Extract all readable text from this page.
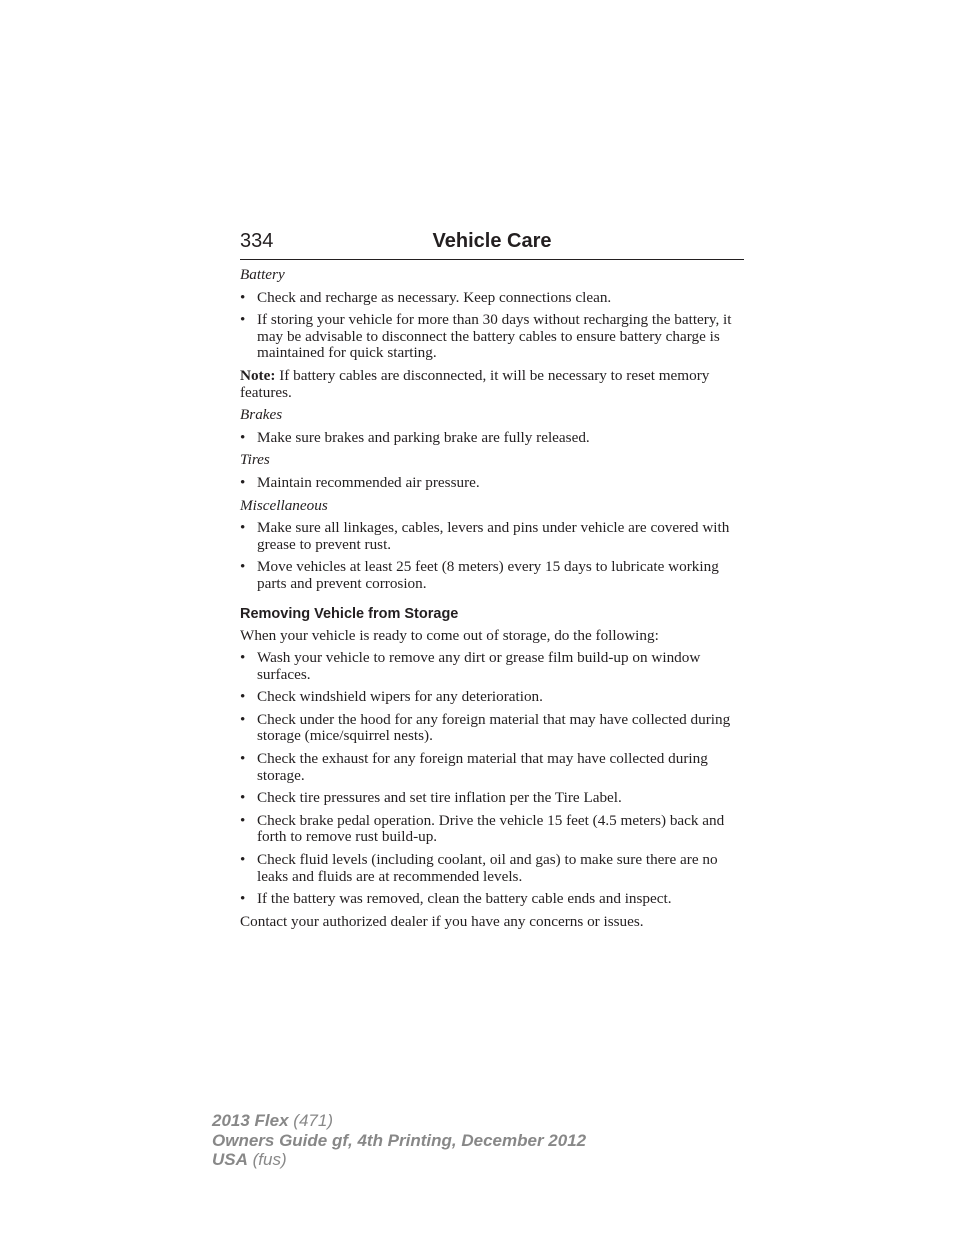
334	Vehicle Care
Battery
• Check and recharge as necessary. Keep connections clean.
• If storing your vehicle for more than 30 days without recharging the battery, it may be advisable to disconnect the battery cables to ensure battery charge is maintained for quick starting.
Note: If battery cables are disconnected, it will be necessary to reset memory features.
Brakes
• Make sure brakes and parking brake are fully released.
Tires
• Maintain recommended air pressure.
Miscellaneous
• Make sure all linkages, cables, levers and pins under vehicle are covered with grease to prevent rust.
• Move vehicles at least 25 feet (8 meters) every 15 days to lubricate working parts and prevent corrosion.
Removing Vehicle from Storage
When your vehicle is ready to come out of storage, do the following:
• Wash your vehicle to remove any dirt or grease film build-up on window surfaces.
• Check windshield wipers for any deterioration.
• Check under the hood for any foreign material that may have collected during storage (mice/squirrel nests).
• Check the exhaust for any foreign material that may have collected during storage.
• Check tire pressures and set tire inflation per the Tire Label.
• Check brake pedal operation. Drive the vehicle 15 feet (4.5 meters) back and forth to remove rust build-up.
• Check fluid levels (including coolant, oil and gas) to make sure there are no leaks and fluids are at recommended levels.
• If the battery was removed, clean the battery cable ends and inspect.
Contact your authorized dealer if you have any concerns or issues.
2013 Flex (471)
Owners Guide gf, 4th Printing, December 2012
USA (fus)
